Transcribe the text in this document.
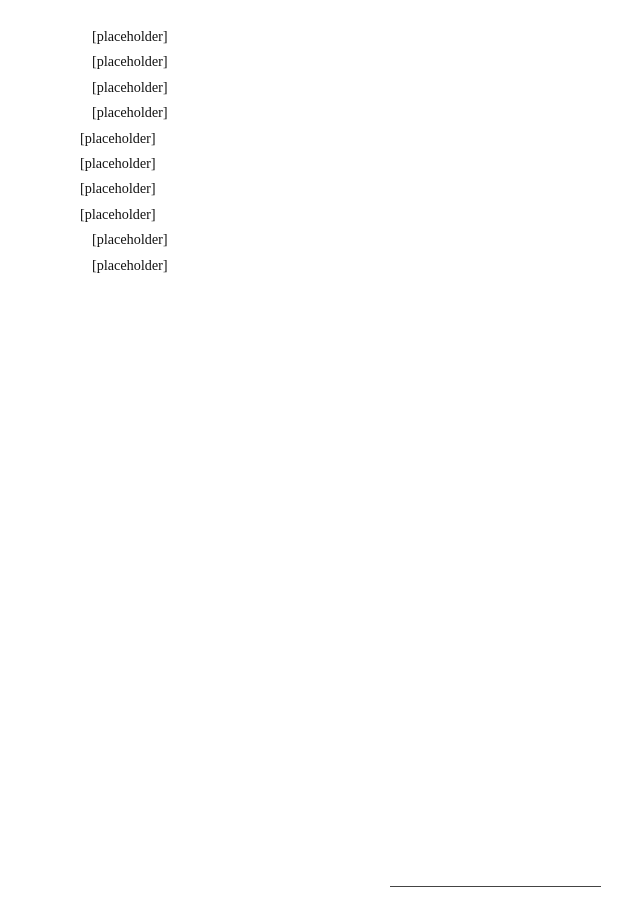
[placeholder]

[placeholder]

[placeholder]

[placeholder]

[placeholder]

[placeholder]

[placeholder]

[placeholder]

[placeholder]

[placeholder]
